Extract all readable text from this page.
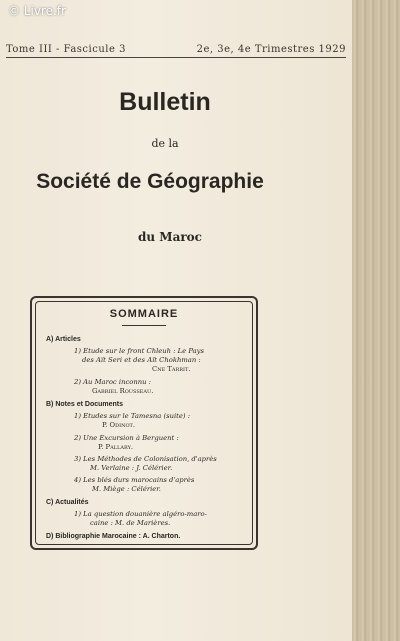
© Livre.fr
Tome III - Fascicule 3	2e, 3e, 4e Trimestres 1929
Bulletin
de la
Société de Géographie
du Maroc
SOMMAIRE
A) Articles
1) Etude sur le front Chleuh : Le Pays
des Aït Seri et des Aït Chokhman :
Cne Tarrit.
2) Au Maroc inconnu :
Gabriel Rousseau.
B) Notes et Documents
1) Etudes sur le Tamesna (suite) :
P. Odinot.
2) Une Excursion à Berguent :
P. Pallary.
3) Les Méthodes de Colonisation, d'après
M. Verlaine : J. Célérier.
4) Les blés durs marocains d'après
M. Miège : Célérier.
C) Actualités
1) La question douanière algéro-maro-
caine : M. de Marières.
D) Bibliographie Marocaine : A. Charton.
